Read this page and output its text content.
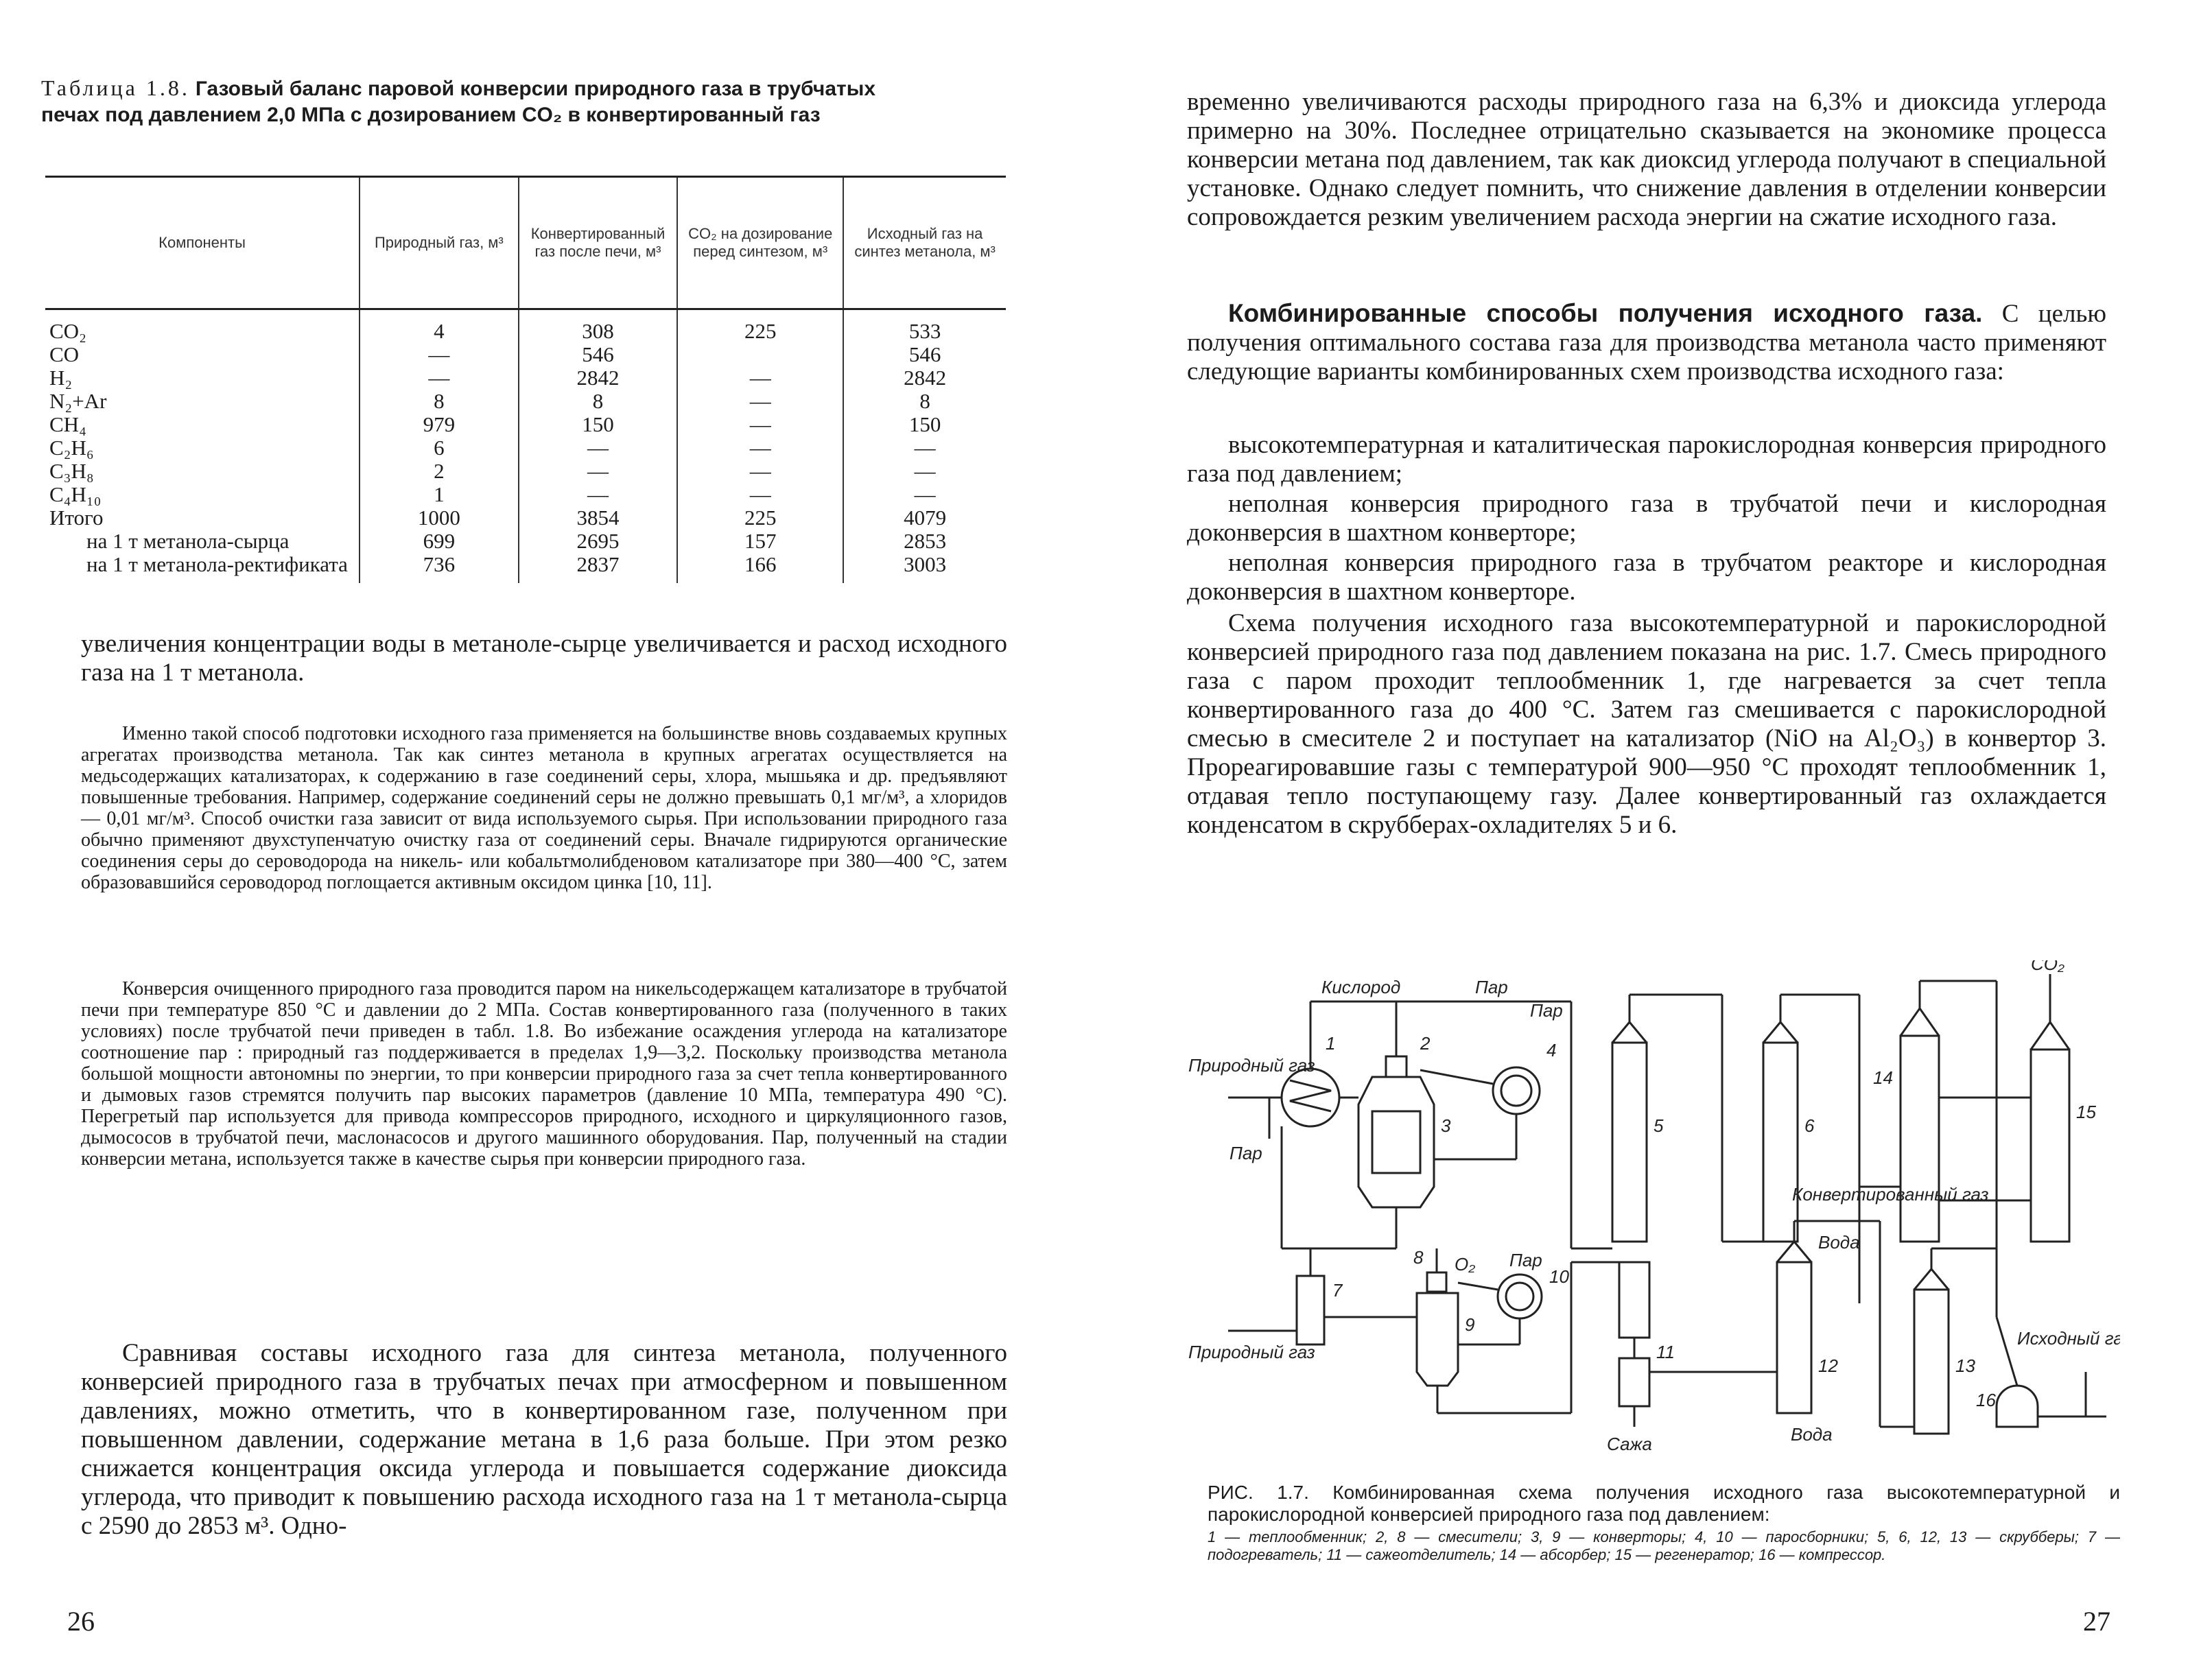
Таблица 1.8. Газовый баланс паровой конверсии природного газа в трубчатых печах под давлением 2,0 МПа с дозированием CO₂ в конвертированный газ
Компоненты	Природный газ, м³	Конвертированный газ после печи, м³	CO₂ на дозирование перед синтезом, м³	Исходный газ на синтез метанола, м³
CO₂	4	308	225	533
CO	—	546		546
H₂	—	2842	—	2842
N₂+Ar	8	8	—	8
CH₄	979	150	—	150
C₂H₆	6	—	—	—
C₃H₈	2	—	—	—
C₄H₁₀	1	—	—	—
Итого	1000	3854	225	4079
на 1 т метанола-сырца	699	2695	157	2853
на 1 т метанола-ректификата	736	2837	166	3003

увеличения концентрации воды в метаноле-сырце увеличивается и расход исходного газа на 1 т метанола.

Именно такой способ подготовки исходного газа применяется на большинстве вновь создаваемых крупных агрегатах производства метанола. Так как синтез метанола в крупных агрегатах осуществляется на медьсодержащих катализаторах, к содержанию в газе соединений серы, хлора, мышьяка и др. предъявляют повышенные требования. Например, содержание соединений серы не должно превышать 0,1 мг/м³, а хлоридов — 0,01 мг/м³. Способ очистки газа зависит от вида используемого сырья. При использовании природного газа обычно применяют двухступенчатую очистку газа от соединений серы. Вначале гидрируются органические соединения серы до сероводорода на никель- или кобальтмолибденовом катализаторе при 380—400 °C, затем образовавшийся сероводород поглощается активным оксидом цинка [10, 11].

Конверсия очищенного природного газа проводится паром на никельсодержащем катализаторе в трубчатой печи при температуре 850 °C и давлении до 2 МПа. Состав конвертированного газа (полученного в таких условиях) после трубчатой печи приведен в табл. 1.8. Во избежание осаждения углерода на катализаторе соотношение пар : природный газ поддерживается в пределах 1,9—3,2. Поскольку производства метанола большой мощности автономны по энергии, то при конверсии природного газа за счет тепла конвертированного и дымовых газов стремятся получить пар высоких параметров (давление 10 МПа, температура 490 °C). Перегретый пар используется для привода компрессоров природного, исходного и циркуляционного газов, дымососов в трубчатой печи, маслонасосов и другого машинного оборудования. Пар, полученный на стадии конверсии метана, используется также в качестве сырья при конверсии природного газа.

Сравнивая составы исходного газа для синтеза метанола, полученного конверсией природного газа в трубчатых печах при атмосферном и повышенном давлениях, можно отметить, что в конвертированном газе, полученном при повышенном давлении, содержание метана в 1,6 раза больше. При этом резко снижается концентрация оксида углерода и повышается содержание диоксида углерода, что приводит к повышению расхода исходного газа на 1 т метанола-сырца с 2590 до 2853 м³. Одно-

26

временно увеличиваются расходы природного газа на 6,3% и диоксида углерода примерно на 30%. Последнее отрицательно сказывается на экономике процесса конверсии метана под давлением, так как диоксид углерода получают в специальной установке. Однако следует помнить, что снижение давления в отделении конверсии сопровождается резким увеличением расхода энергии на сжатие исходного газа.

Комбинированные способы получения исходного газа. С целью получения оптимального состава газа для производства метанола часто применяют следующие варианты комбинированных схем производства исходного газа:

высокотемпературная и каталитическая парокислородная конверсия природного газа под давлением;

неполная конверсия природного газа в трубчатой печи и кислородная доконверсия в шахтном конверторе;

неполная конверсия природного газа в трубчатом реакторе и кислородная доконверсия в шахтном конверторе.

Схема получения исходного газа высокотемпературной и парокислородной конверсией природного газа под давлением показана на рис. 1.7. Смесь природного газа с паром проходит теплообменник 1, где нагревается за счет тепла конвертированного газа до 400 °C. Затем газ смешивается с парокислородной смесью в смесителе 2 и поступает на катализатор (NiO на Al₂O₃) в конвертор 3. Прореагировавшие газы с температурой 900—950 °C проходят теплообменник 1, отдавая тепло поступающему газу. Далее конвертированный газ охлаждается конденсатом в скрубберах-охладителях 5 и 6.

Кислород	Пар
Пар
Природный газ
Пар
CO₂
O₂ Пар
Конвертированный газ
Природный газ
Вода
Вода
Сажа
Исходный газ
1	2
3
4
5	6
7
8
9
10
11
12	13
14
15
16

РИС. 1.7. Комбинированная схема получения исходного газа высокотемпературной и парокислородной конверсией природного газа под давлением:

1 — теплообменник; 2, 8 — смесители; 3, 9 — конверторы; 4, 10 — паросборники; 5, 6, 12, 13 — скрубберы; 7 — подогреватель; 11 — сажеотделитель; 14 — абсорбер; 15 — регенератор; 16 — компрессор.

27
